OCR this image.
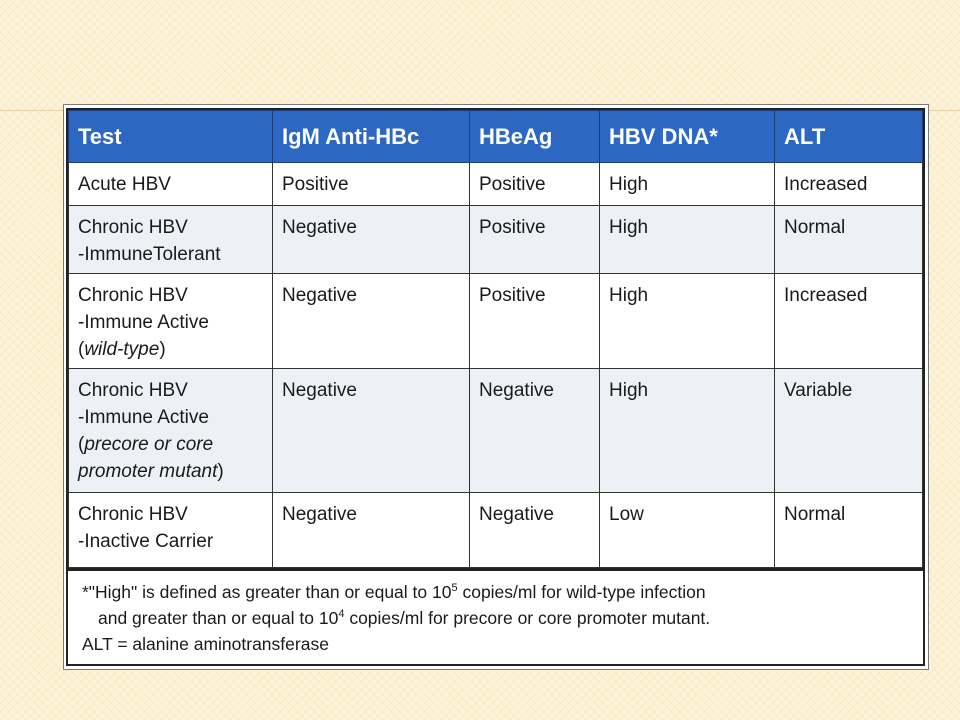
Test	IgM Anti-HBc	HBeAg	HBV DNA*	ALT
Acute HBV	Positive	Positive	High	Increased
Chronic HBV
-ImmuneTolerant	Negative	Positive	High	Normal
Chronic HBV
-Immune Active
(wild-type)	Negative	Positive	High	Increased
Chronic HBV
-Immune Active
(precore or core
promoter mutant)	Negative	Negative	High	Variable
Chronic HBV
-Inactive Carrier	Negative	Negative	Low	Normal
*"High" is defined as greater than or equal to $10^5$ copies/ml for wild-type infection
and greater than or equal to $10^4$ copies/ml for precore or core promoter mutant.
ALT = alanine aminotransferase
